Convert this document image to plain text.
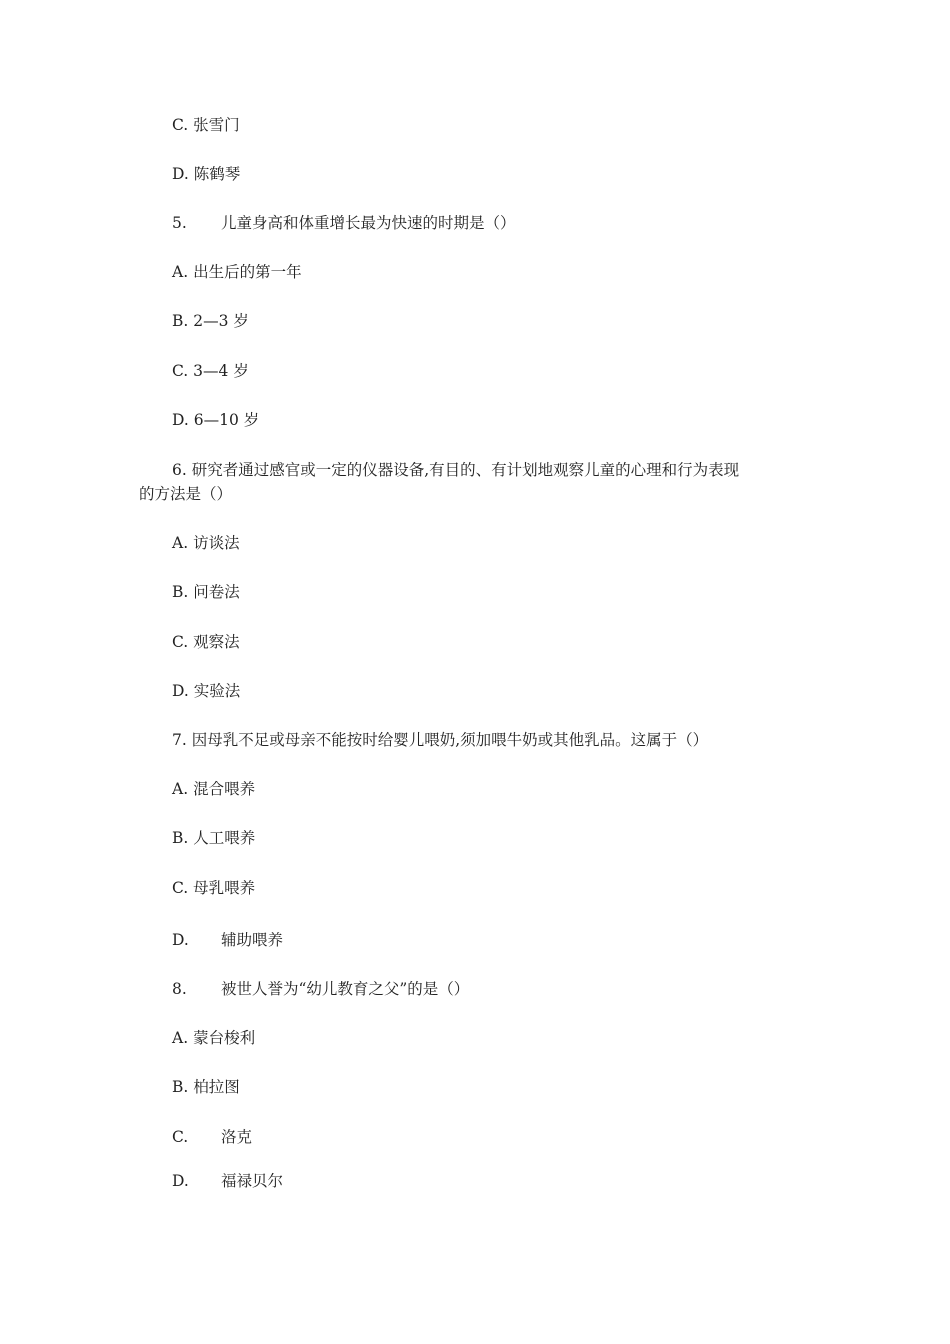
C. 张雪门
D. 陈鹤琴
5. 儿童身高和体重增长最为快速的时期是（）
A. 出生后的第一年
B. 2—3 岁
C. 3—4 岁
D. 6—10 岁
6. 研究者通过感官或一定的仪器设备,有目的、有计划地观察儿童的心理和行为表现
的方法是（）
A. 访谈法
B. 问卷法
C. 观察法
D. 实验法
7. 因母乳不足或母亲不能按时给婴儿喂奶,须加喂牛奶或其他乳品。这属于（）
A. 混合喂养
B. 人工喂养
C. 母乳喂养
D. 辅助喂养
8. 被世人誉为“幼儿教育之父”的是（）
A. 蒙台梭利
B. 柏拉图
C. 洛克
D. 福禄贝尔
